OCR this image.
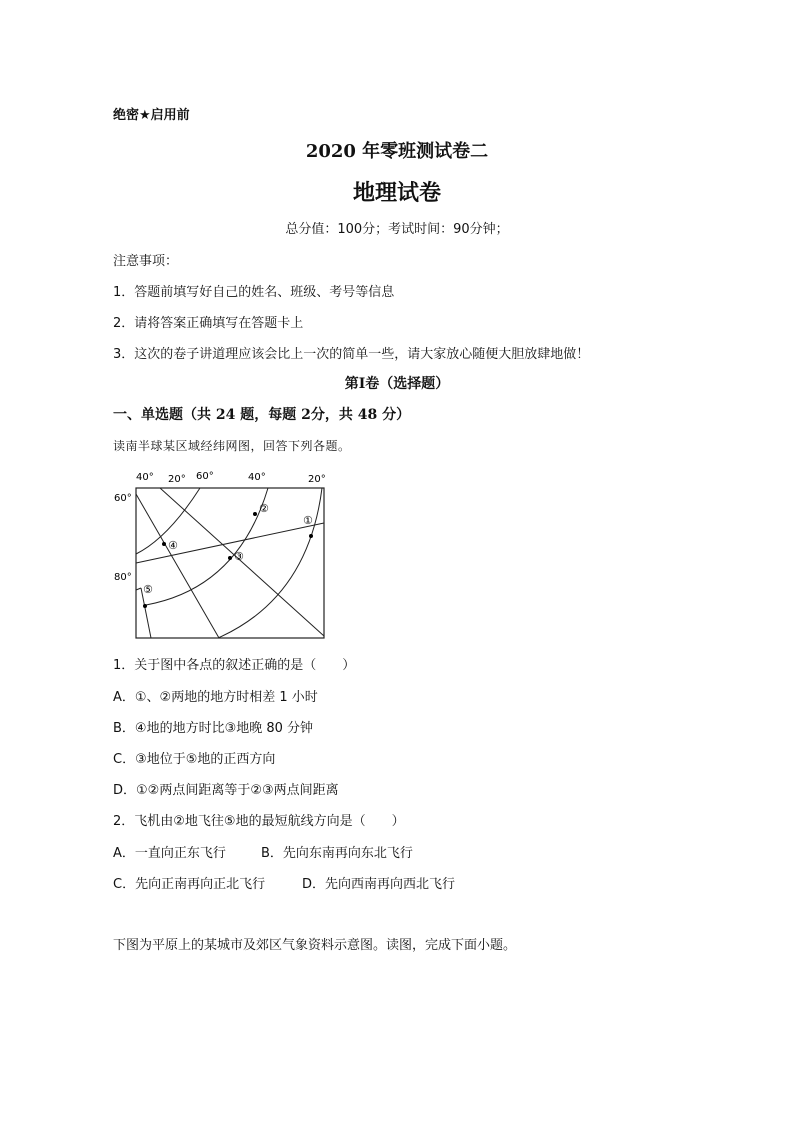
绝密★启用前
2020 年零班测试卷二
地理试卷
总分值：100分；考试时间：90分钟；
注意事项：
1．答题前填写好自己的姓名、班级、考号等信息
2．请将答案正确填写在答题卡上
3．这次的卷子讲道理应该会比上一次的简单一些，请大家放心随便大胆放肆地做！
第Ⅰ卷（选择题）
一、单选题（共 24 题，每题 2分，共 48 分）
读南半球某区域经纬网图，回答下列各题。
①
②
③
④
⑤
40° 20° 60°	40°	20°
60°
80°
1．关于图中各点的叙述正确的是（　　）
A．①、②两地的地方时相差 1 小时
B．④地的地方时比③地晚 80 分钟
C．③地位于⑤地的正西方向
D．①②两点间距离等于②③两点间距离
2．飞机由②地飞往⑤地的最短航线方向是（　　）
A．一直向正东飞行	B．先向东南再向东北飞行
C．先向正南再向正北飞行	D．先向西南再向西北飞行
下图为平原上的某城市及郊区气象资料示意图。读图，完成下面小题。
